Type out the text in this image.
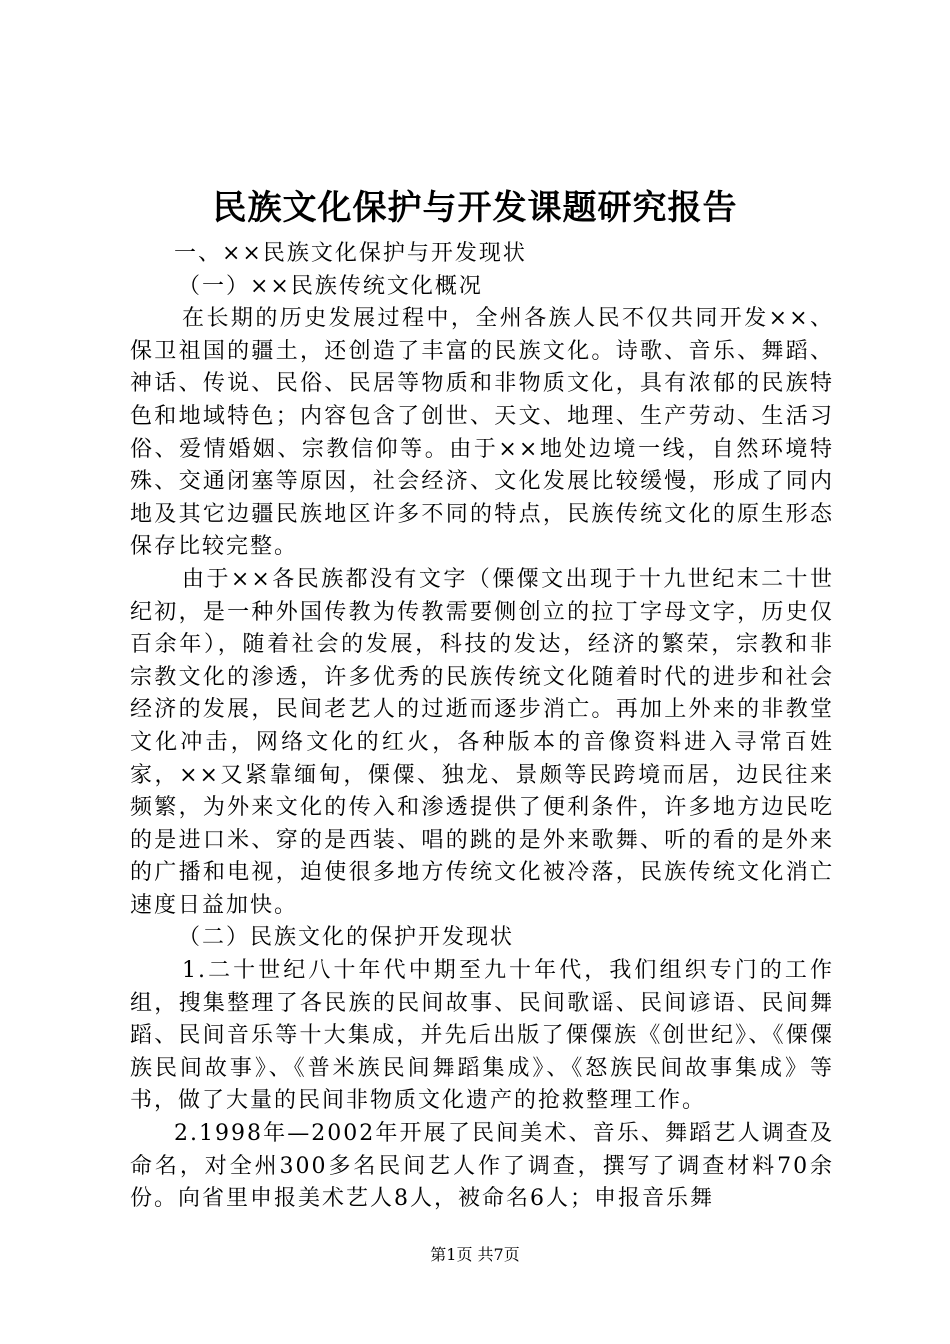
民族文化保护与开发课题研究报告

一、××民族文化保护与开发现状

（一）××民族传统文化概况

在长期的历史发展过程中，全州各族人民不仅共同开发××、保卫祖国的疆土，还创造了丰富的民族文化。诗歌、音乐、舞蹈、神话、传说、民俗、民居等物质和非物质文化，具有浓郁的民族特色和地域特色；内容包含了创世、天文、地理、生产劳动、生活习俗、爱情婚姻、宗教信仰等。由于××地处边境一线，自然环境特殊、交通闭塞等原因，社会经济、文化发展比较缓慢，形成了同内地及其它边疆民族地区许多不同的特点，民族传统文化的原生形态保存比较完整。

由于××各民族都没有文字（傈僳文出现于十九世纪末二十世纪初，是一种外国传教为传教需要侧创立的拉丁字母文字，历史仅百余年），随着社会的发展，科技的发达，经济的繁荣，宗教和非宗教文化的渗透，许多优秀的民族传统文化随着时代的进步和社会经济的发展，民间老艺人的过逝而逐步消亡。再加上外来的非教堂文化冲击，网络文化的红火，各种版本的音像资料进入寻常百姓家，××又紧靠缅甸，傈僳、独龙、景颇等民跨境而居，边民往来频繁，为外来文化的传入和渗透提供了便利条件，许多地方边民吃的是进口米、穿的是西装、唱的跳的是外来歌舞、听的看的是外来的广播和电视，迫使很多地方传统文化被冷落，民族传统文化消亡速度日益加快。

（二）民族文化的保护开发现状

1.二十世纪八十年代中期至九十年代，我们组织专门的工作组，搜集整理了各民族的民间故事、民间歌谣、民间谚语、民间舞蹈、民间音乐等十大集成，并先后出版了傈僳族《创世纪》、《傈僳族民间故事》、《普米族民间舞蹈集成》、《怒族民间故事集成》等书，做了大量的民间非物质文化遗产的抢救整理工作。

2.1998年—2002年开展了民间美术、音乐、舞蹈艺人调查及命名，对全州300多名民间艺人作了调查，撰写了调查材料70余份。向省里申报美术艺人8人，被命名6人；申报音乐舞

第1页 共7页
